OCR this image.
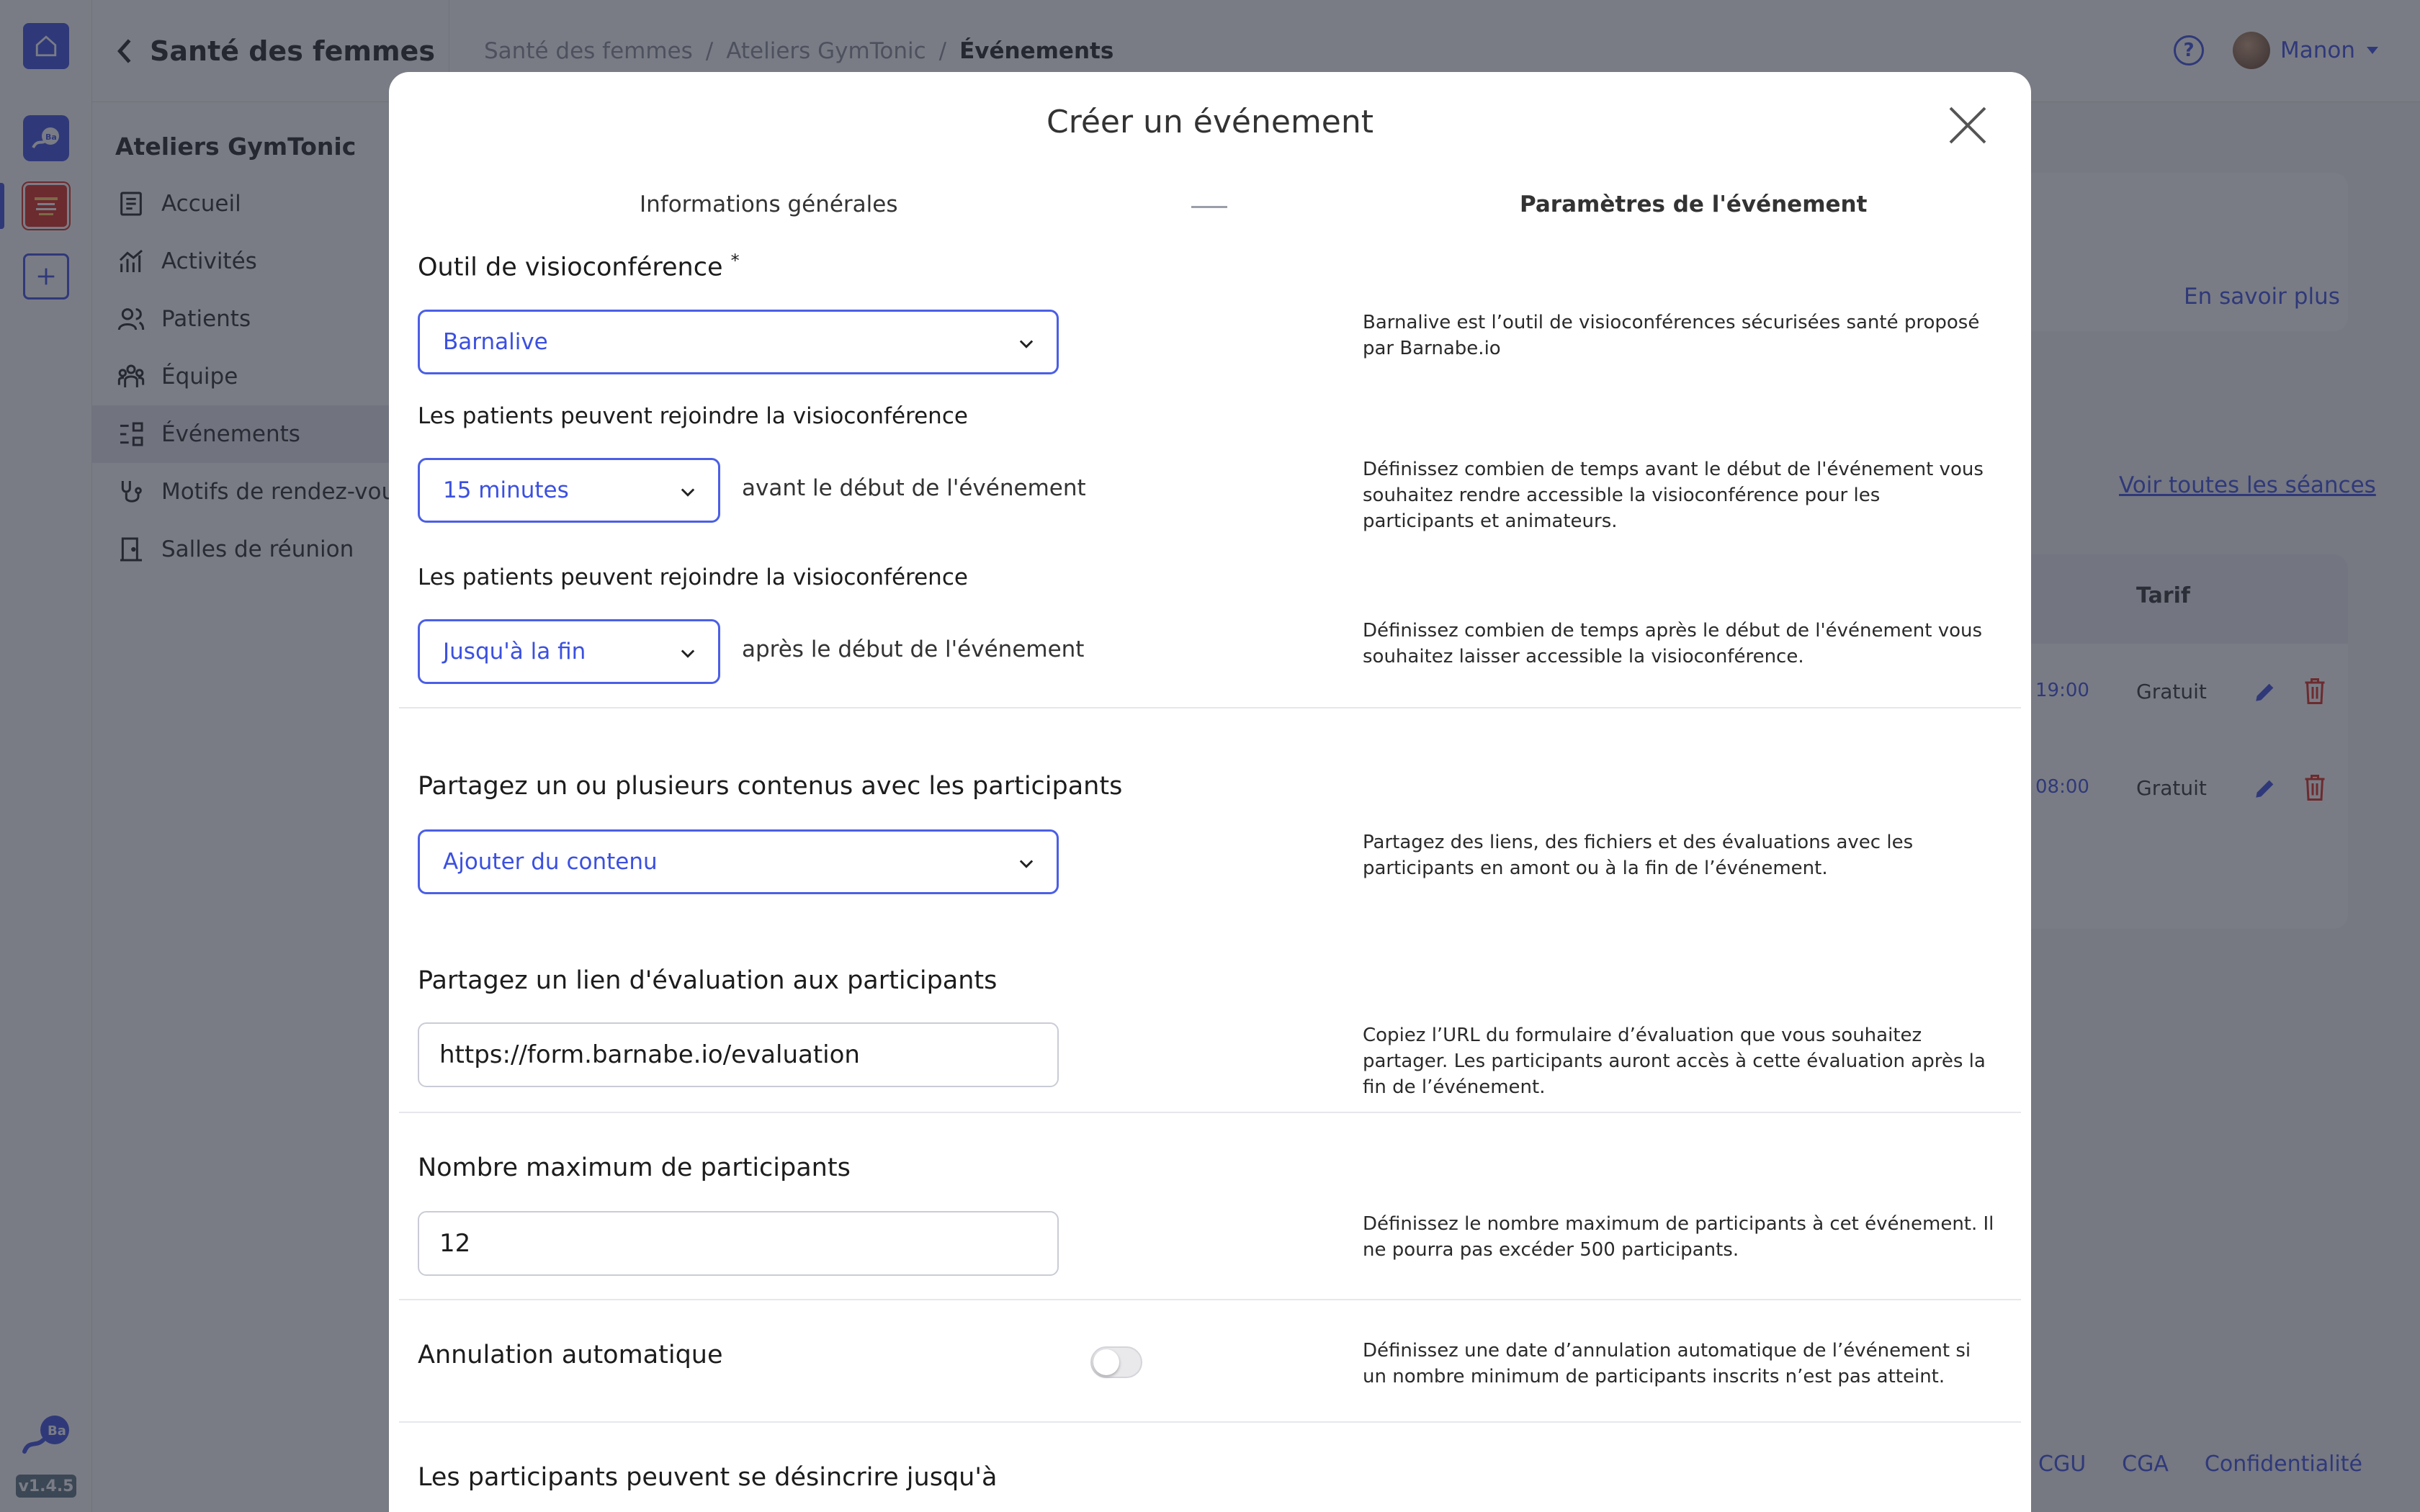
Créer un événement
Informations générales	Paramètres de l'événement
Outil de visioconférence *
Barnalive
Barnalive est l’outil de visioconférences sécurisées santé proposé par Barnabe.io
Les patients peuvent rejoindre la visioconférence
15 minutes	avant le début de l'événement
Définissez combien de temps avant le début de l'événement vous souhaitez rendre accessible la visioconférence pour les participants et animateurs.
Les patients peuvent rejoindre la visioconférence
Jusqu'à la fin	après le début de l'événement
Définissez combien de temps après le début de l'événement vous souhaitez laisser accessible la visioconférence.
Partagez un ou plusieurs contenus avec les participants
Ajouter du contenu
Partagez des liens, des fichiers et des évaluations avec les participants en amont ou à la fin de l’événement.
Partagez un lien d'évaluation aux participants
https://form.barnabe.io/evaluation
Copiez l’URL du formulaire d’évaluation que vous souhaitez partager. Les participants auront accès à cette évaluation après la fin de l’événement.
Nombre maximum de participants
12
Définissez le nombre maximum de participants à cet événement. Il ne pourra pas excéder 500 participants.
Annulation automatique	Définissez une date d’annulation automatique de l’événement si un nombre minimum de participants inscrits n’est pas atteint.
Les participants peuvent se désincrire jusqu'à
